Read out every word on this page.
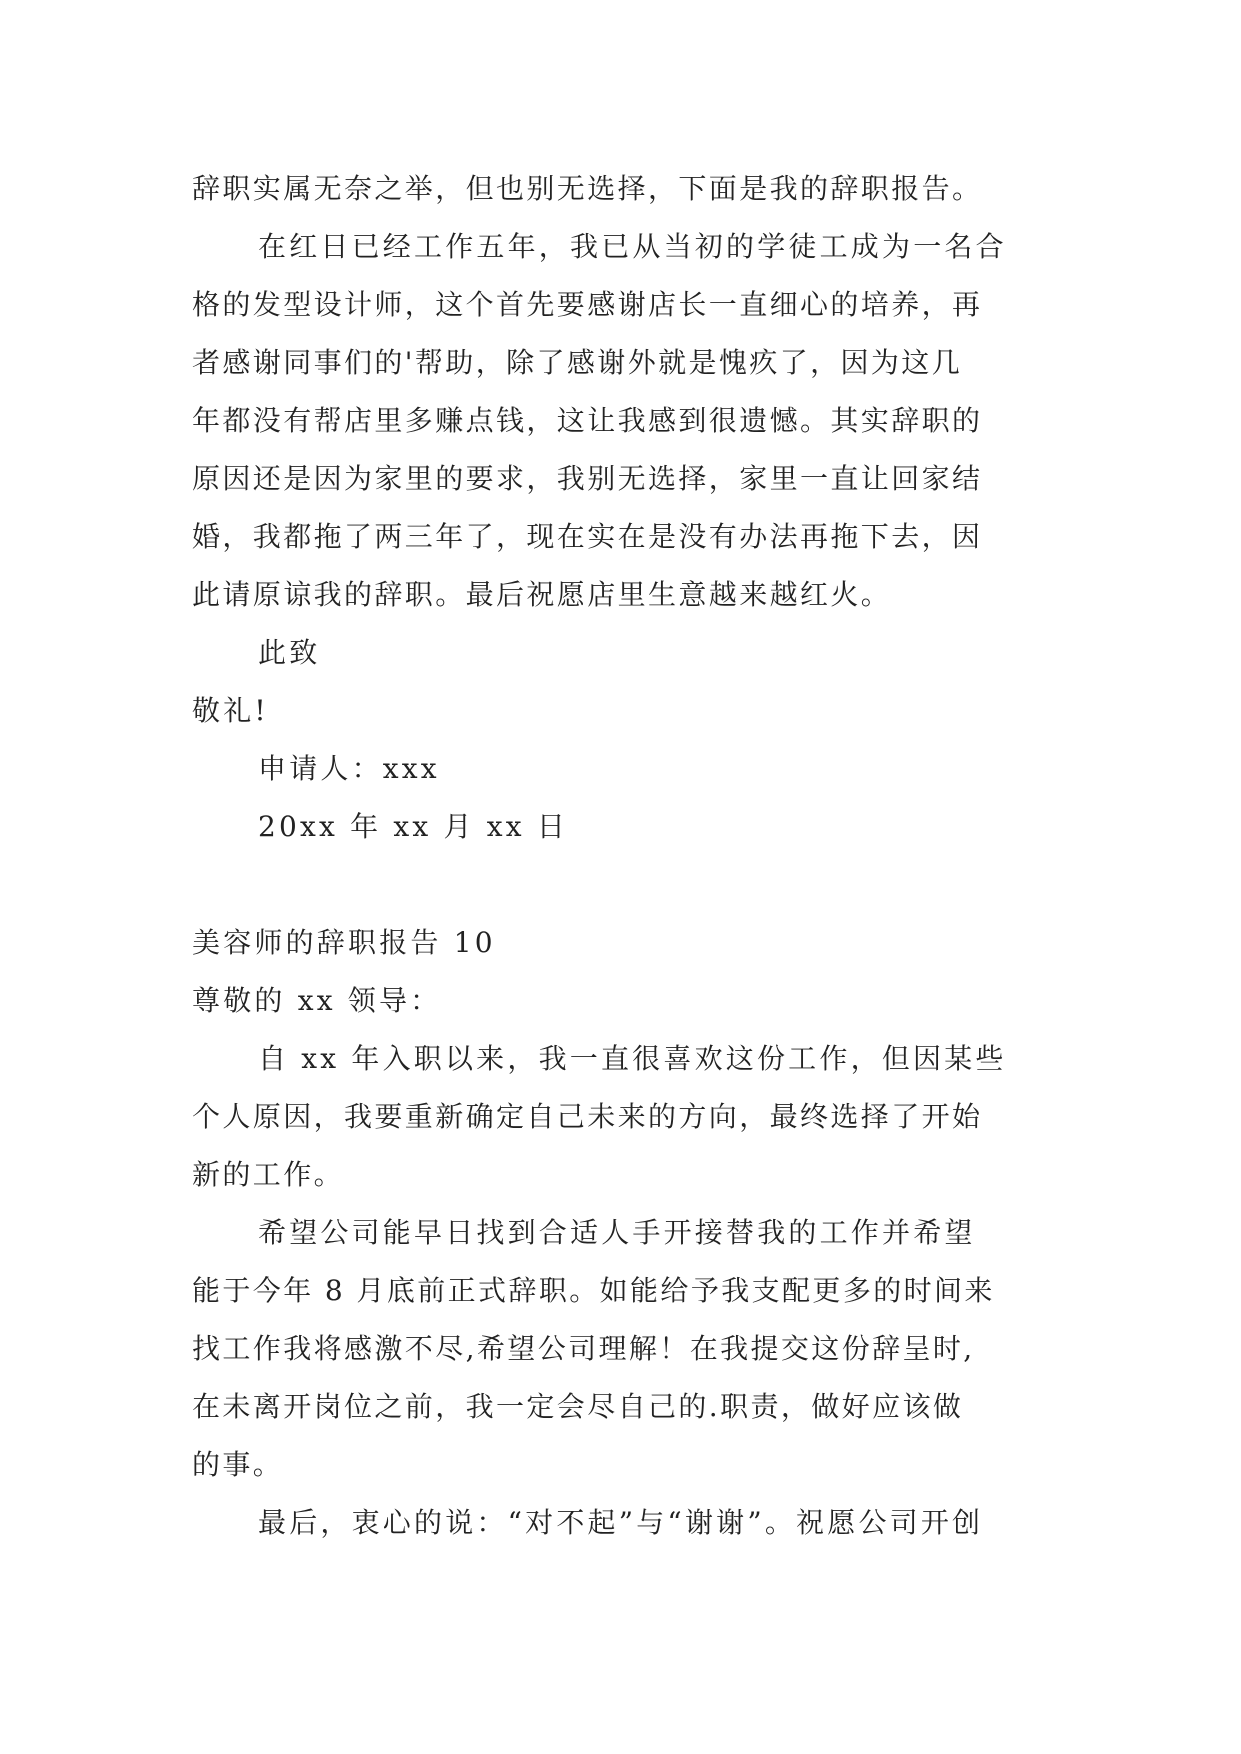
辞职实属无奈之举，但也别无选择，下面是我的辞职报告。
在红日已经工作五年，我已从当初的学徒工成为一名合
格的发型设计师，这个首先要感谢店长一直细心的培养，再
者感谢同事们的'帮助，除了感谢外就是愧疚了，因为这几
年都没有帮店里多赚点钱，这让我感到很遗憾。其实辞职的
原因还是因为家里的要求，我别无选择，家里一直让回家结
婚，我都拖了两三年了，现在实在是没有办法再拖下去，因
此请原谅我的辞职。最后祝愿店里生意越来越红火。
此致
敬礼!
申请人：xxx
20xx 年 xx 月 xx 日
美容师的辞职报告 10
尊敬的 xx 领导：
自 xx 年入职以来，我一直很喜欢这份工作，但因某些
个人原因，我要重新确定自己未来的方向，最终选择了开始
新的工作。
希望公司能早日找到合适人手开接替我的工作并希望
能于今年 8 月底前正式辞职。如能给予我支配更多的时间来
找工作我将感激不尽,希望公司理解！在我提交这份辞呈时,
在未离开岗位之前，我一定会尽自己的.职责，做好应该做
的事。
最后，衷心的说：“对不起”与“谢谢”。祝愿公司开创
